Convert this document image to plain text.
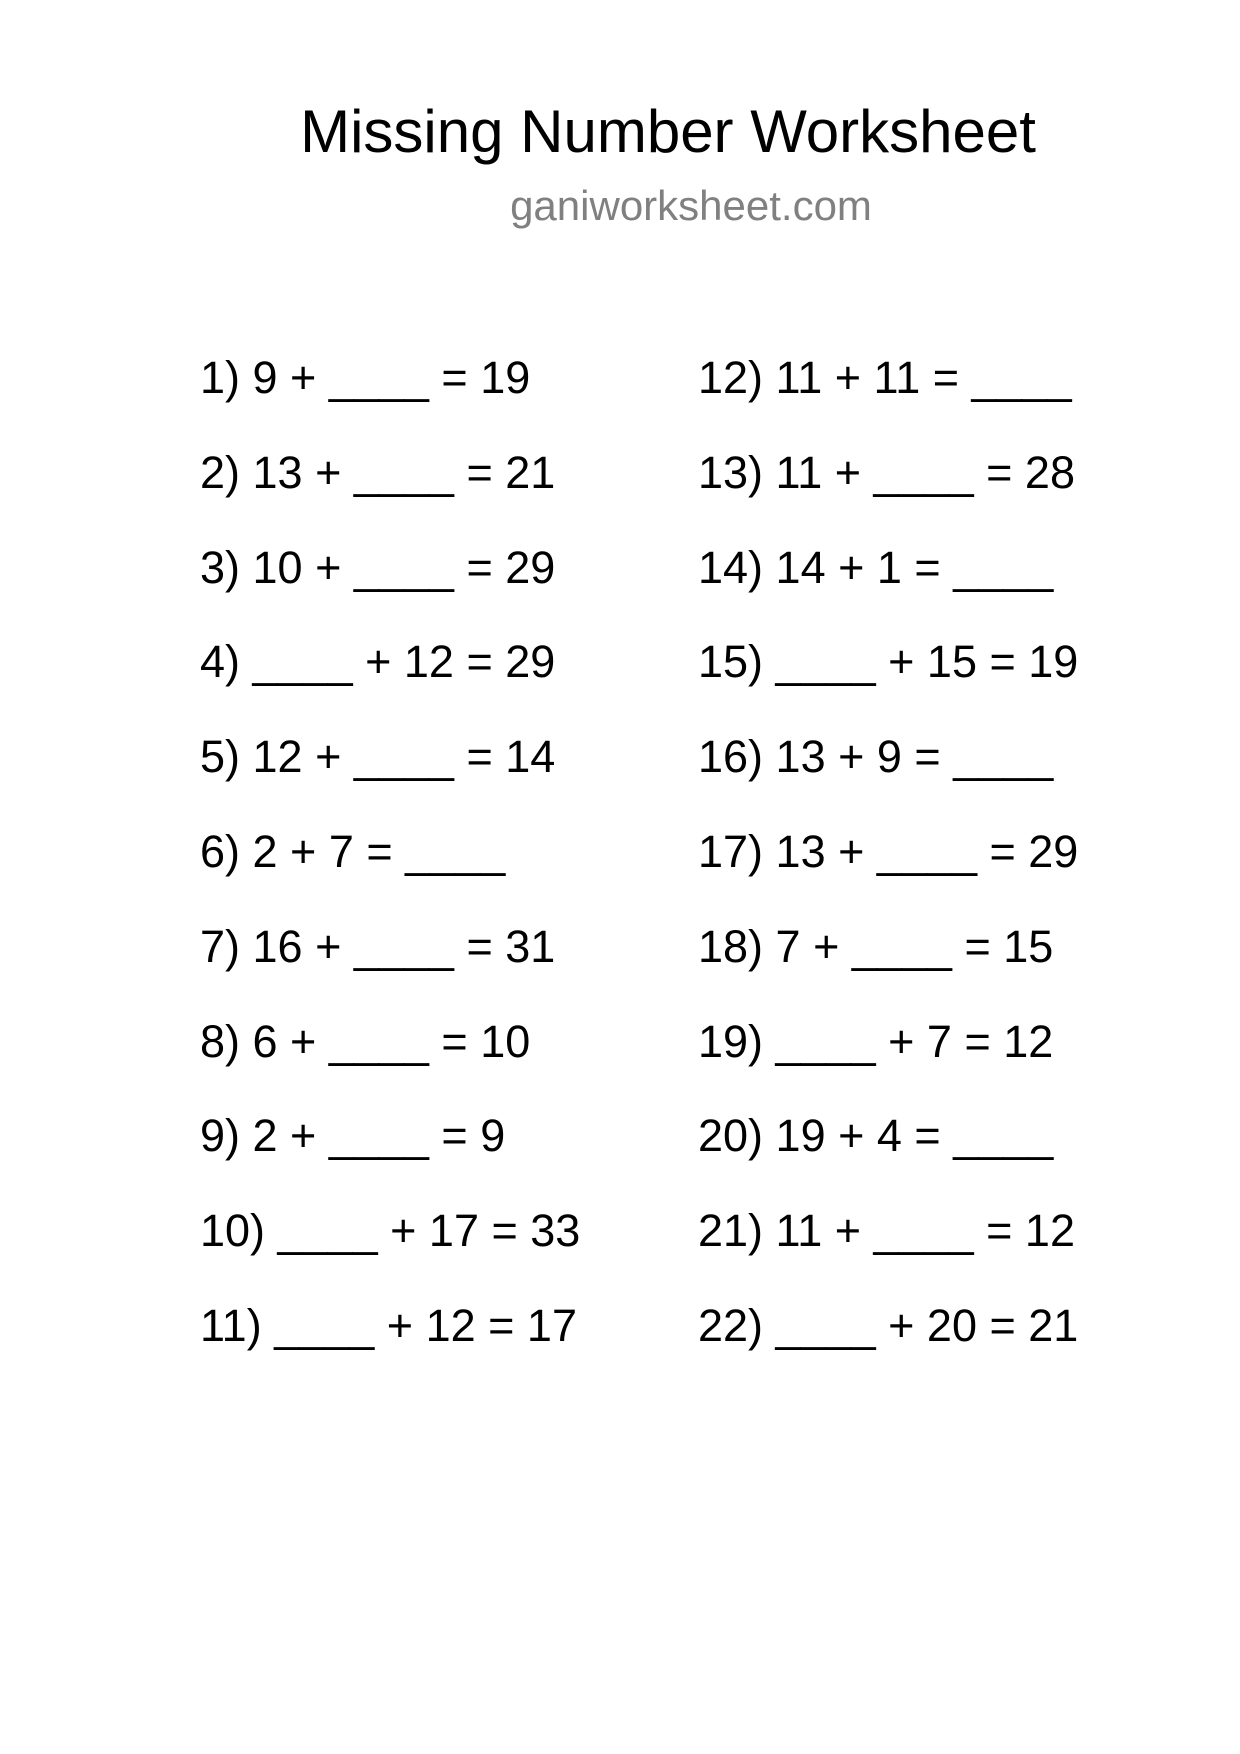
Missing Number Worksheet
ganiworksheet.com
1) 9 + ____ = 19
2) 13 + ____ = 21
3) 10 + ____ = 29
4) ____ + 12 = 29
5) 12 + ____ = 14
6) 2 + 7 = ____
7) 16 + ____ = 31
8) 6 + ____ = 10
9) 2 + ____ = 9
10) ____ + 17 = 33
11) ____ + 12 = 17
12) 11 + 11 = ____
13) 11 + ____ = 28
14) 14 + 1 = ____
15) ____ + 15 = 19
16) 13 + 9 = ____
17) 13 + ____ = 29
18) 7 + ____ = 15
19) ____ + 7 = 12
20) 19 + 4 = ____
21) 11 + ____ = 12
22) ____ + 20 = 21
